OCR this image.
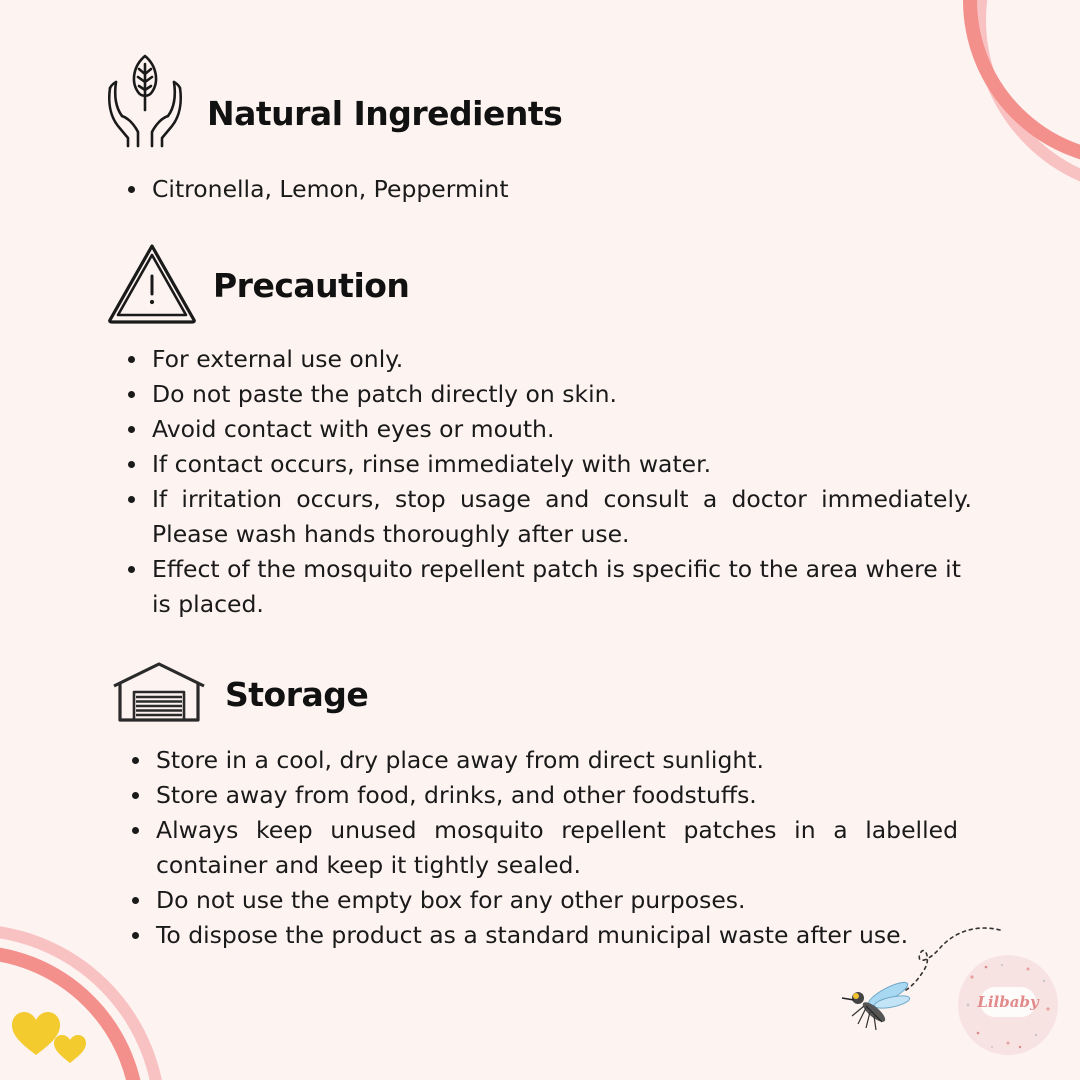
Natural Ingredients
Citronella, Lemon, Peppermint
Precaution
For external use only.
Do not paste the patch directly on skin.
Avoid contact with eyes or mouth.
If contact occurs, rinse immediately with water.
If irritation occurs, stop usage and consult a doctor immediately. Please wash hands thoroughly after use.
Effect of the mosquito repellent patch is specific to the area where it is placed.
Storage
Store in a cool, dry place away from direct sunlight.
Store away from food, drinks, and other foodstuffs.
Always keep unused mosquito repellent patches in a labelled container and keep it tightly sealed.
Do not use the empty box for any other purposes.
To dispose the product as a standard municipal waste after use.
Lilbaby
